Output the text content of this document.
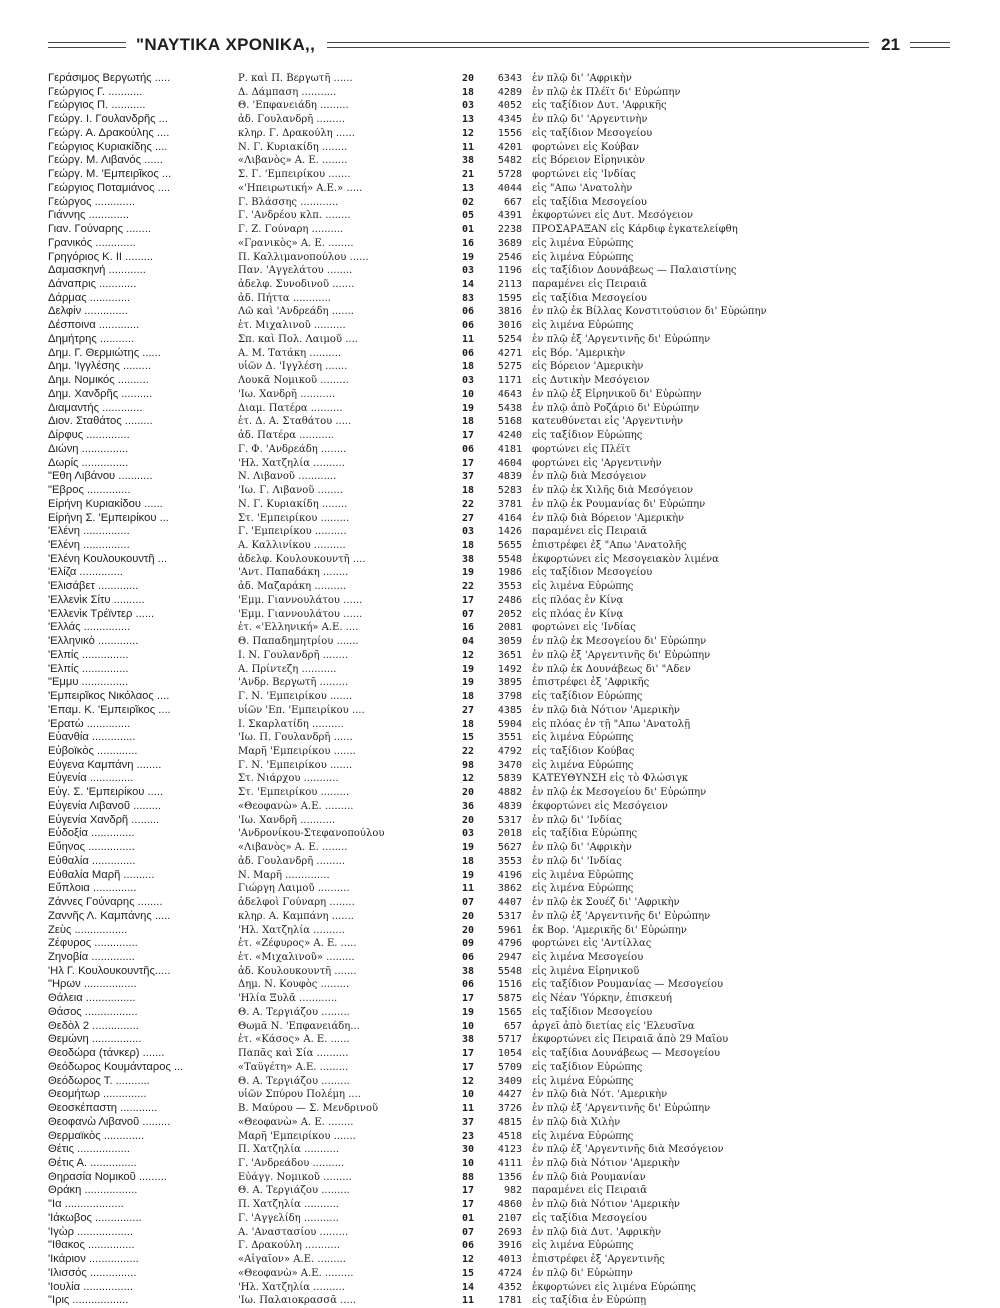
"ΝΑΥΤΙΚΑ ΧΡΟΝΙΚΑ,,	21
Γεράσιμος Βεργωτής .....	Ρ. καὶ Π. Βεργωτῆ ......	20	6343 ἐν πλῷ δι' 'Αφρικὴν
Γεώργιος Γ. ...........	Δ. Δάμπαση ...........	18	4289 ἐν πλῷ ἐκ Πλέϊτ δι' Εὐρώπην
Γεώργιος Π. ...........	Θ. 'Επφανειάδη .........	03	4052 εἰς ταξίδιον Δυτ. 'Αφρικῆς
Γεώργ. Ι. Γουλανδρῆς ...	ἀδ. Γουλανδρῆ .........	13	4345 ἐν πλῷ δι' 'Αργεντινὴν
Γεώργ. Α. Δρακούλης ....	κληρ. Γ. Δρακούλη ......	12	1556 εἰς ταξίδιον Μεσογείου
Γεώργιος Κυριακίδης ....	Ν. Γ. Κυριακίδη ........	11	4201 φορτώνει εἰς Κούβαν
Γεώργ. Μ. Λιβανός ......	«Λιβανὸς» Α. Ε. ........	38	5482 εἰς Βόρειον Εἰρηνικὸν
Γεώργ. Μ. 'Εμπειρῖκος ...	Σ. Γ. 'Εμπειρίκου .......	21	5728 φορτώνει εἰς 'Ινδίας
Γεώργιος Ποταμιάνος ....	«'Ηπειρωτική» Α.Ε.» .....	13	4044 εἰς "Απω 'Ανατολὴν
Γεώργος .............	Γ. Βλάσσης ............	02	667 εἰς ταξίδια Μεσογείου
Γιάννης .............	Γ. 'Ανδρέου κλπ. ........	05	4391 ἐκφορτώνει εἰς Δυτ. Μεσόγειον
Γιαν. Γούναρης ........	Γ. Ζ. Γούναρη ..........	01	2238 ΠΡΟΣΑΡΑΞΑΝ εἰς Κάρδιφ ἐγκατελείφθη
Γρανικός .............	«Γρανικὸς» Α. Ε. ........	16	3689 εἰς λιμένα Εὐρώπης
Γρηγόριος Κ. ΙΙ .........	Π. Καλλιμανοπούλου ......	19	2546 εἰς λιμένα Εὐρώπης
Δαμασκηνή ............	Παν. 'Αγγελάτου ........	03	1196 εἰς ταξίδιον Δουνάβεως — Παλαιστίνης
Δάναπρις ............	ἀδελφ. Συνοδινοῦ .......	14	2113 παραμένει εἰς Πειραιᾶ
Δάρμας .............	ἀδ. Πήττα ............	83	1595 εἰς ταξίδια Μεσογείου
Δελφίν ..............	Λῶ καὶ 'Ανδρεάδη .......	06	3816 ἐν πλῷ ἐκ Βίλλας Κονστιτούσιον δι' Εὐρώπην
Δέσποινα .............	ἑτ. Μιχαλινοῦ ..........	06	3016 εἰς λιμένα Εὐρώπης
Δημήτρης ...........	Σπ. καὶ Πολ. Λαιμοῦ ....	11	5254 ἐν πλῷ ἐξ 'Αργεντινῆς δι' Εὐρώπην
Δημ. Γ. Θερμιώτης ......	Α. Μ. Τατάκη ..........	06	4271 εἰς Βόρ. 'Αμερικὴν
Δημ. 'Ιγγλέσης .........	υἱῶν Δ. 'Ιγγλέση .......	18	5275 εἰς Βόρειον 'Αμερικὴν
Δημ. Νομικός ..........	Λουκᾶ Νομικοῦ .........	03	1171 εἰς Δυτικὴν Μεσόγειον
Δημ. Χανδρῆς ..........	'Ιω. Χανδρῆ ...........	10	4643 ἐν πλῷ ἐξ Εἰρηνικοῦ δι' Εὐρώπην
Διαμαντής .............	Διαμ. Πατέρα ..........	19	5438 ἐν πλῷ ἀπὸ Ροζάριο δι' Εὐρώπην
Διον. Σταθάτος .........	ἑτ. Δ. Α. Σταθάτου .....	18	5168 κατευθύνεται εἰς 'Αργεντινὴν
Δίρφυς ..............	ἀδ. Πατέρα ...........	17	4240 εἰς ταξίδιον Εὐρώπης
Διώνη ...............	Γ. Φ. 'Ανδρεάδη ........	06	4181 φορτώνει εἰς Πλέϊτ
Δωρίς ...............	'Ηλ. Χατζηλία ..........	17	4604 φορτώνει εἰς 'Αργεντινὴν
"Εθη Λιβάνου ...........	Ν. Λιβανοῦ ............	37	4839 ἐν πλῷ διὰ Μεσόγειον
"Εβρος ..............	'Ιω. Γ. Λιβανοῦ ........	18	5283 ἐν πλῷ ἐκ Χιλῆς διὰ Μεσόγειον
Εἰρήνη Κυριακίδου ......	Ν. Γ. Κυριακίδη ........	22	3781 ἐν πλῷ ἐκ Ρουμανίας δι' Εὐρώπην
Εἰρήνη Σ. 'Εμπειρίκου ...	Στ. 'Εμπειρίκου .........	27	4164 ἐν πλῷ διὰ Βόρειον 'Αμερικὴν
'Ελένη ...............	Γ. 'Εμπειρίκου ..........	03	1426 παραμένει εἰς Πειραιᾶ
'Ελένη ...............	Α. Καλλινίκου ..........	18	5655 ἐπιστρέφει ἐξ "Απω 'Ανατολῆς
'Ελένη Κουλουκουντῆ ...	ἀδελφ. Κουλουκουντῆ ....	38	5548 ἐκφορτώνει εἰς Μεσογειακὸν λιμένα
'Ελίζα ..............	'Αντ. Παπαδάκη ........	19	1986 εἰς ταξίδιον Μεσογείου
'Ελισάβετ .............	ἀδ. Μαζαράκη ..........	22	3553 εἰς λιμένα Εὐρώπης
'Ελλενὶκ Σίτυ ..........	'Εμμ. Γιαννουλάτου ......	17	2486 εἰς πλόας ἐν Κίνᾳ
'Ελλενὶκ Τρέϊντερ ......	'Εμμ. Γιαννουλάτου ......	07	2052 εἰς πλόας ἐν Κίνᾳ
'Ελλάς ...............	ἑτ. «'Ελληνική» Α.Ε. ....	16	2081 φορτώνει εἰς 'Ινδίας
'Ελληνικὸ .............	Θ. Παπαδημητρίου .......	04	3059 ἐν πλῷ ἐκ Μεσογείου δι' Εὐρώπην
'Ελπίς ...............	Ι. Ν. Γουλανδρῆ ........	12	3651 ἐν πλῷ ἐξ 'Αργεντινῆς δι' Εὐρώπην
'Ελπίς ...............	Α. Πρίντεζη ...........	19	1492 ἐν πλῷ ἐκ Δουνάβεως δι' "Αδεν
"Εμμυ ...............	'Ανδρ. Βεργωτῆ .........	19	3895 ἐπιστρέφει ἐξ 'Αφρικῆς
'Εμπειρῖκος Νικόλαος ....	Γ. Ν. 'Εμπειρίκου .......	18	3798 εἰς ταξίδιον Εὐρώπης
'Επαμ. Κ. 'Εμπειρῖκος ....	υἱῶν 'Επ. 'Εμπειρίκου ....	27	4385 ἐν πλῷ διὰ Νότιον 'Αμερικὴν
'Ερατὼ ..............	Ι. Σκαρλατίδη ..........	18	5904 εἰς πλόας ἐν τῇ "Απω 'Ανατολῇ
Εὐανθία ..............	'Ιω. Π. Γουλανδρῆ ......	15	3551 εἰς λιμένα Εὐρώπης
Εὐβοϊκὸς .............	Μαρῆ 'Εμπειρίκου .......	22	4792 εἰς ταξίδιον Κούβας
Εὐγενα Καμπάνη ........	Γ. Ν. 'Εμπειρίκου .......	98	3470 εἰς λιμένα Εὐρώπης
Εὐγενία ..............	Στ. Νιάρχου ...........	12	5839 ΚΑΤΕΥΘΥΝΣΗ εἰς τὸ Φλώσιγκ
Εὐγ. Σ. 'Εμπειρίκου .....	Στ. 'Εμπειρίκου .........	20	4882 ἐν πλῷ ἐκ Μεσογείου δι' Εὐρώπην
Εὐγενία Λιβανοῦ .........	«Θεοφανὼ» Α.Ε. .........	36	4839 ἐκφορτώνει εἰς Μεσόγειον
Εὐγενία Χανδρῆ .........	'Ιω. Χανδρῆ ...........	20	5317 ἐν πλῷ δι' 'Ινδίας
Εὐδοξία ..............	'Ανδρονίκου-Στεφανοπούλου	03	2018 εἰς ταξίδια Εὐρώπης
Εὔηνος ...............	«Λιβανὸς» Α. Ε. ........	19	5627 ἐν πλῷ δι' 'Αφρικὴν
Εὐθαλία ..............	ἀδ. Γουλανδρῆ .........	18	3553 ἐν πλῷ δι' 'Ινδίας
Εὐθαλία Μαρῆ ..........	Ν. Μαρῆ ..............	19	4196 εἰς λιμένα Εὐρώπης
Εὔπλοια ..............	Γιώργη Λαιμοῦ ..........	11	3862 εἰς λιμένα Εὐρώπης
Ζάννες Γούναρης ........	ἀδελφοὶ Γούναρη ........	07	4407 ἐν πλῷ ἐκ Σουέζ δι' 'Αφρικὴν
Ζαννῆς Λ. Καμπάνης .....	κληρ. Α. Καμπάνη .......	20	5317 ἐν πλῷ ἐξ 'Αργεντινῆς δι' Εὐρώπην
Ζεὺς .................	'Ηλ. Χατζηλία ..........	20	5961 ἐκ Βορ. 'Αμερικῆς δι' Εὐρώπην
Ζέφυρος ..............	ἑτ. «Ζέφυρος» Α. Ε. .....	09	4796 φορτώνει εἰς 'Αντίλλας
Ζηνοβία ..............	ἑτ. «Μιχαλινοῦ» .........	06	2947 εἰς λιμένα Μεσογείου
'Ηλ Γ. Κουλουκουντῆς.....	ἀδ. Κουλουκουντῆ .......	38	5548 εἰς λιμένα Εἰρηνικοῦ
"Ηρων .................	Δημ. Ν. Κουφὸς .........	06	1516 εἰς ταξίδιον Ρουμανίας — Μεσογείου
Θάλεια ................	'Ηλία Ξυλᾶ ............	17	5875 εἰς Νέαν 'Υόρκην, ἐπισκευή
Θάσος .................	Θ. Α. Τεργιάζου .........	19	1565 εἰς ταξίδιον Μεσογείου
Θεδὸλ 2 ...............	Θωμᾶ Ν. 'Επφανειάδη...	10	657 ἀργεῖ ἀπὸ διετίας εἰς 'Ελευσῖνα
Θεμώνη ................	ἑτ. «Κάσος» Α. Ε. ......	38	5717 ἐκφορτώνει εἰς Πειραιᾶ ἀπὸ 29 Μαΐου
Θεοδώρα (τάνκερ) .......	Παπᾶς καὶ Σία ..........	17	1054 εἰς ταξίδια Δουνάβεως — Μεσογείου
Θεόδωρος Κουμάνταρος ...	«Ταϋγέτη» Α.Ε. .........	17	5709 εἰς ταξίδιον Εὐρώπης
Θεόδωρος Τ. ...........	Θ. Α. Τεργιάζου .........	12	3409 εἰς λιμένα Εὐρώπης
Θεομήτωρ ..............	υἱῶν Σπύρου Πολέμη ....	10	4427 ἐν πλῷ διὰ Νότ. 'Αμερικὴν
Θεοσκέπαστη ............	Β. Μαύρου — Σ. Μενδρινοῦ	11	3726 ἐν πλῷ ἐξ 'Αργεντινῆς δι' Εὐρώπην
Θεοφανὼ Λιβανοῦ .........	«Θεοφανὼ» Α. Ε. ........	37	4815 ἐν πλῷ διὰ Χιλὴν
Θερμαϊκὸς .............	Μαρῆ 'Εμπειρίκου .......	23	4518 εἰς λιμένα Εὐρώπης
Θέτις .................	Π. Χατζηλία ...........	30	4123 ἐν πλῷ ἐξ 'Αργεντινῆς διὰ Μεσόγειον
Θέτις Α. ...............	Γ. 'Ανδρεάδου ..........	10	4111 ἐν πλῷ διὰ Νότιον 'Αμερικὴν
Θηρασία Νομικοῦ .........	Εὐάγγ. Νομικοῦ .........	88	1356 ἐν πλῷ διὰ Ρουμανίαν
Θράκη .................	Θ. Α. Τεργιάζου .........	17	982 παραμένει εἰς Πειραιᾶ
"Ια ...................	Π. Χατζηλία ...........	17	4860 ἐν πλῷ διὰ Νότιον 'Αμερικὴν
'Ιάκωβος ...............	Γ. 'Αγγελίδη ...........	01	2107 εἰς ταξίδια Μεσογείου
'Ιγὼρ ..................	Α. 'Αναστασίου .........	07	2693 ἐν πλῷ διὰ Δυτ. 'Αφρικὴν
"Ιθακος ...............	Γ. Δρακούλη ...........	06	3916 εἰς λιμένα Εὐρώπης
'Ικάριον ................	«Αἰγαῖον» Α.Ε. .........	12	4013 ἐπιστρέφει ἐξ 'Αργεντινῆς
'Ιλισσός ...............	«Θεοφανὼ» Α.Ε. .........	15	4724 ἐν πλῷ δι' Εὐρώπην
'Ιουλία ................	'Ηλ. Χατζηλία ..........	14	4352 ἐκφορτώνει εἰς λιμένα Εὐρώπης
"Ιρις ..................	'Ιω. Παλαιοκρασσᾶ .....	11	1781 εἰς ταξίδια ἐν Εὐρώπῃ
